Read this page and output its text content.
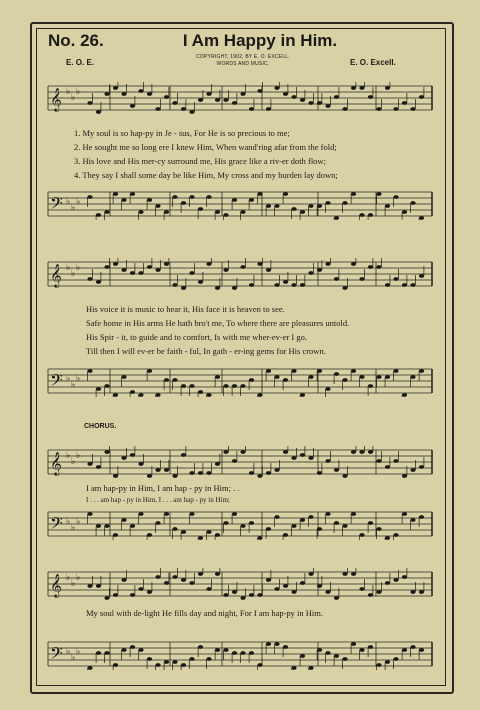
No. 26.	I Am Happy in Him.
E. O. E.
COPYRIGHT, 1902, BY E. O. EXCELL.
WORDS AND MUSIC.	E. O. Excell.
𝄞 ♭
♭
♭
𝄢 ♭
♭
♭
𝄞 ♭
♭
♭
𝄢 ♭
♭
♭
𝄞 ♭
♭
♭
𝄢 ♭
♭
♭
𝄞 ♭
♭
♭
𝄢 ♭
♭
♭
1. My soul is so hap-py in Je - sus, For He is so precious to me;
2. He sought me so long ere I knew Him, When wand'ring afar from the fold;
3. His love and His mer-cy surround me, His grace like a riv-er doth flow;
4. They say I shall some day be like Him, My cross and my burden lay down;
His voice it is music to hear it, His face it is heaven to see.
Safe home in His arms He hath bro't me, To where there are pleasures untold.
His Spir - it, to guide and to comfort, Is with me wher-ev-er I go.
Till then I will ev-er be faith - ful, In gath - er-ing gems for His crown.
CHORUS.
I am hap-py in Him, I am hap - py in Him; . .
I . . . am hap - py in Him, I . . . am hap - py in Him;
My soul with de-light He fills day and night, For I am hap-py in Him.
